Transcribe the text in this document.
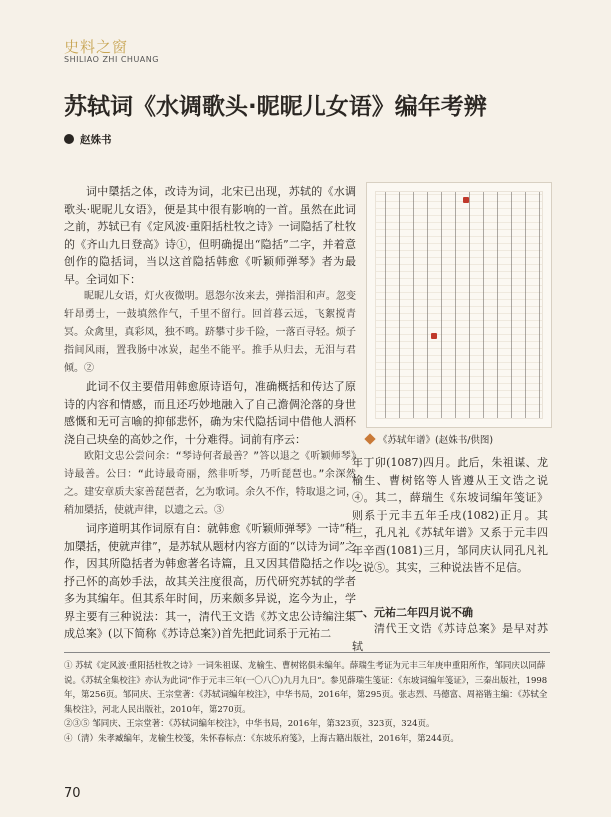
史料之窗
SHILIAO ZHI CHUANG
苏轼词《水调歌头·昵昵儿女语》编年考辨
赵姝书

词中檃括之体，改诗为词，北宋已出现，苏轼的《水调歌头·昵昵儿女语》，便是其中很有影响的一首。虽然在此词之前，苏轼已有《定风波·重阳括杜牧之诗》一词隐括了杜牧的《齐山九日登高》诗①，但明确提出“隐括”二字，并着意创作的隐括词，当以这首隐括韩愈《听颖师弹琴》者为最早。全词如下：

昵昵儿女语，灯火夜微明。恩怨尔汝来去，弹指泪和声。忽变轩昂勇士，一鼓填然作气，千里不留行。回首暮云远，飞絮搅青冥。众禽里，真彩凤，独不鸣。跻攀寸步千险，一落百寻轻。烦子指间风雨，置我肠中冰炭，起坐不能平。推手从归去，无泪与君倾。②

此词不仅主要借用韩愈原诗语句，准确概括和传达了原诗的内容和情感，而且还巧妙地融入了自己澹倜沦落的身世感慨和无可言喻的抑郁悲怀，确为宋代隐括词中借他人酒杯浇自己块垒的高妙之作，十分难得。词前有序云：

欧阳文忠公尝问余：“琴诗何者最善？”答以退之《听颖师琴》诗最善。公曰：“此诗最奇丽，然非听琴，乃听琵琶也。”余深然之。建安章质夫家善琵琶者，乞为歌词。余久不作，特取退之词，稍加檃括，使就声律，以遗之云。③

词序道明其作词原有自：就韩愈《听颖师弹琴》一诗“稍加檃括，使就声律”，是苏轼从题材内容方面的“以诗为词”之作，因其所隐括者为韩愈著名诗篇，且又因其借隐括之作以抒己怀的高妙手法，故其关注度很高，历代研究苏轼的学者多为其编年。但其系年时间，历来颇多异说，迄今为止，学界主要有三种说法：其一，清代王文诰《苏文忠公诗编注集成总案》(以下简称《苏诗总案》)首先把此词系于元祐二

《苏轼年谱》(赵姝书/供图)

年丁卯(1087)四月。此后，朱祖谋、龙榆生、曹树铭等人皆遵从王文诰之说④。其二，薛瑞生《东坡词编年笺证》则系于元丰五年壬戌(1082)正月。其三，孔凡礼《苏轼年谱》又系于元丰四年辛酉(1081)三月，邹同庆认同孔凡礼之说⑤。其实，三种说法皆不足信。

一、元祐二年四月说不确

清代王文诰《苏诗总案》是早对苏轼

① 苏轼《定风波·重阳括杜牧之诗》一词朱祖谋、龙榆生、曹树铭俱未编年。薛瑞生考证为元丰三年庚申重阳所作，邹同庆以同薛说。《苏轼全集校注》亦认为此词“作于元丰三年(一〇八〇)九月九日”。参见薛瑞生笺证：《东坡词编年笺证》，三秦出版社，1998年，第256页。邹同庆、王宗堂著：《苏轼词编年校注》，中华书局，2016年，第295页。张志烈、马德富、周裕锴主编：《苏轼全集校注》，河北人民出版社，2010年，第270页。

②③⑤ 邹同庆、王宗堂著：《苏轼词编年校注》，中华书局，2016年，第323页，323页，324页。

④（清）朱孝臧编年，龙榆生校笺，朱怀春标点：《东坡乐府笺》，上海古籍出版社，2016年，第244页。

70
